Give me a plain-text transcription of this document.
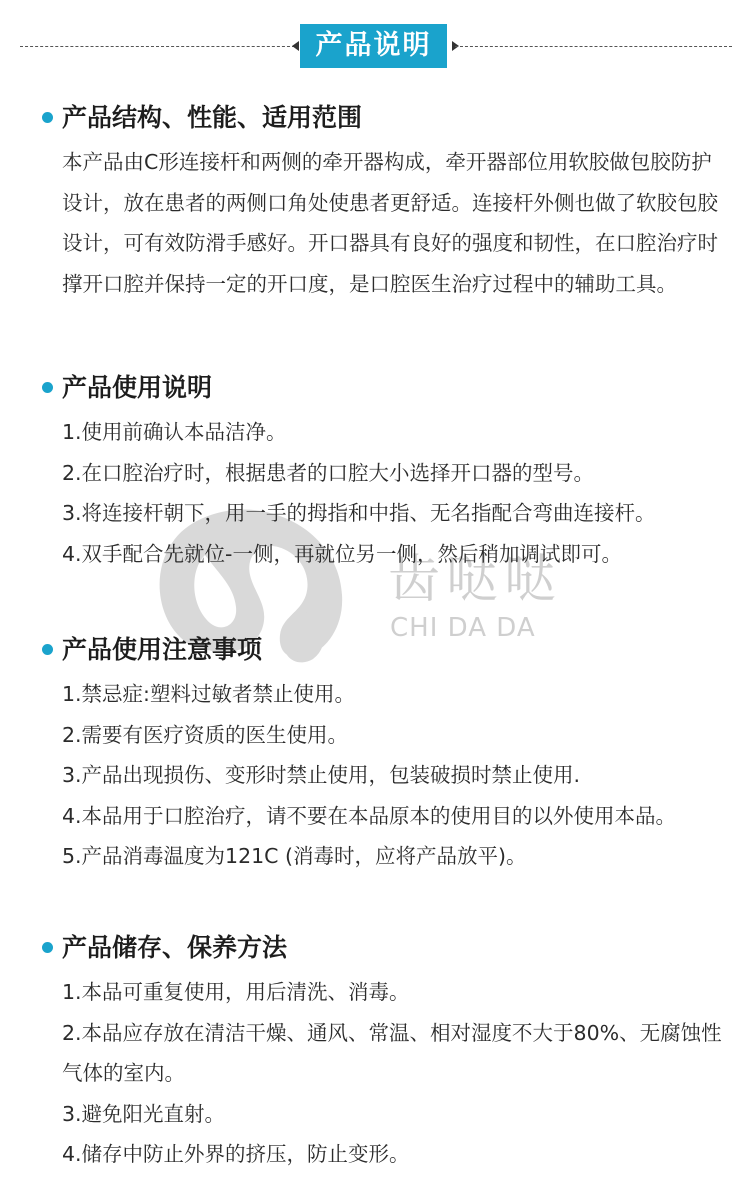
产品说明
齿哒哒
CHI DA DA
产品结构、性能、适用范围
本产品由C形连接杆和两侧的牵开器构成，牵开器部位用软胶做包胶防护设计，放在患者的两侧口角处使患者更舒适。连接杆外侧也做了软胶包胶设计，可有效防滑手感好。开口器具有良好的强度和韧性，在口腔治疗时撑开口腔并保持一定的开口度，是口腔医生治疗过程中的辅助工具。
产品使用说明
1.使用前确认本品洁净。
2.在口腔治疗时，根据患者的口腔大小选择开口器的型号。
3.将连接杆朝下，用一手的拇指和中指、无名指配合弯曲连接杆。
4.双手配合先就位-一侧，再就位另一侧，然后稍加调试即可。
产品使用注意事项
1.禁忌症:塑料过敏者禁止使用。
2.需要有医疗资质的医生使用。
3.产品出现损伤、变形时禁止使用，包装破损时禁止使用.
4.本品用于口腔治疗，请不要在本品原本的使用目的以外使用本品。
5.产品消毒温度为121C (消毒时，应将产品放平)。
产品储存、保养方法
1.本品可重复使用，用后清洗、消毒。
2.本品应存放在清洁干燥、通风、常温、相对湿度不大于80%、无腐蚀性气体的室内。
3.避免阳光直射。
4.储存中防止外界的挤压，防止变形。
